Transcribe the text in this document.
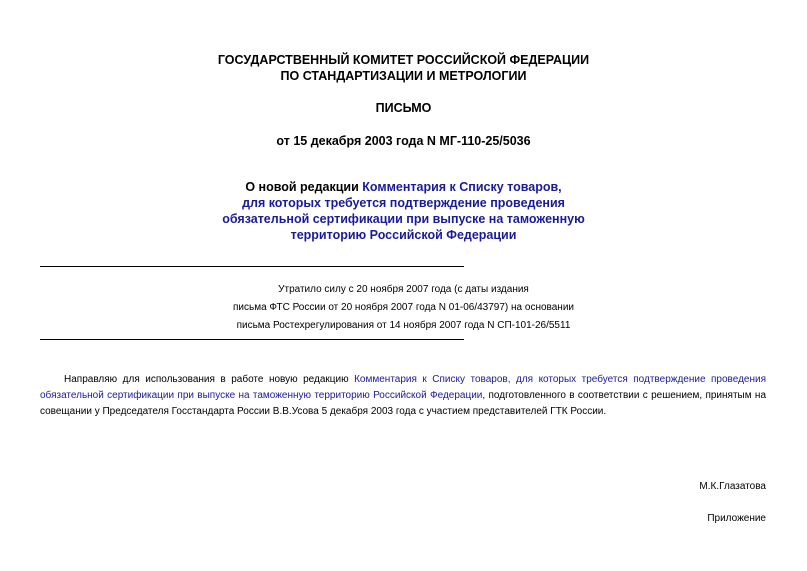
ГОСУДАРСТВЕННЫЙ КОМИТЕТ РОССИЙСКОЙ ФЕДЕРАЦИИ
ПО СТАНДАРТИЗАЦИИ И МЕТРОЛОГИИ
ПИСЬМО
от 15 декабря 2003 года N МГ-110-25/5036
О новой редакции Комментария к Списку товаров,
для которых требуется подтверждение проведения
обязательной сертификации при выпуске на таможенную
территорию Российской Федерации
Утратило силу с 20 ноября 2007 года (с даты издания
письма ФТС России от 20 ноября 2007 года N 01-06/43797) на основании
письма Ростехрегулирования от 14 ноября 2007 года N СП-101-26/5511
Направляю для использования в работе новую редакцию Комментария к Списку товаров, для которых требуется подтверждение проведения обязательной сертификации при выпуске на таможенную территорию Российской Федерации, подготовленного в соответствии с решением, принятым на совещании у Председателя Госстандарта России В.В.Усова 5 декабря 2003 года с участием представителей ГТК России.
М.К.Глазатова
Приложение
